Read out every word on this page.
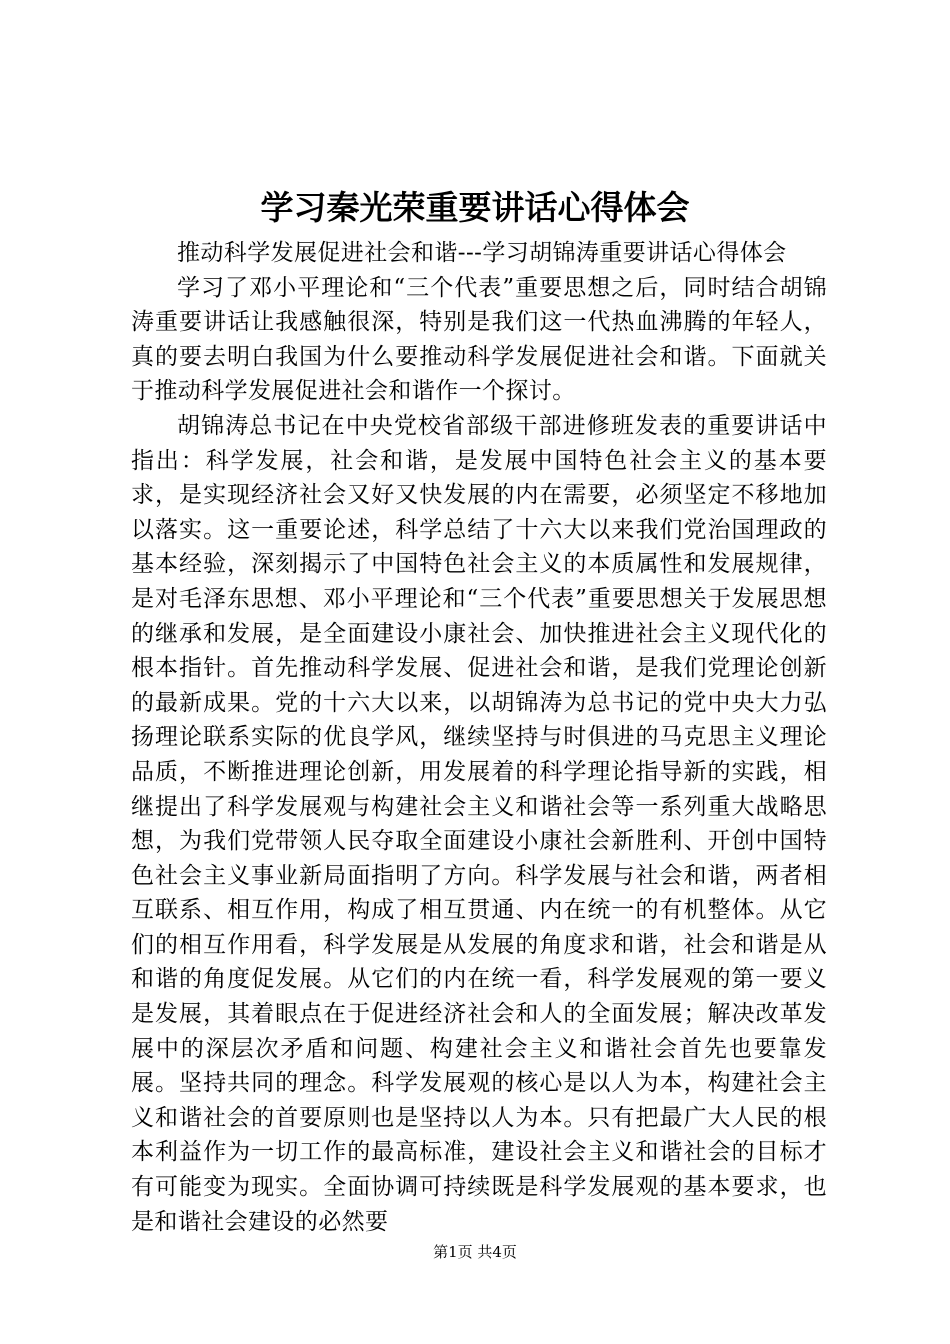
学习秦光荣重要讲话心得体会

推动科学发展促进社会和谐---学习胡锦涛重要讲话心得体会

学习了邓小平理论和“三个代表”重要思想之后，同时结合胡锦涛重要讲话让我感触很深，特别是我们这一代热血沸腾的年轻人，真的要去明白我国为什么要推动科学发展促进社会和谐。下面就关于推动科学发展促进社会和谐作一个探讨。

胡锦涛总书记在中央党校省部级干部进修班发表的重要讲话中指出：科学发展，社会和谐，是发展中国特色社会主义的基本要求，是实现经济社会又好又快发展的内在需要，必须坚定不移地加以落实。这一重要论述，科学总结了十六大以来我们党治国理政的基本经验，深刻揭示了中国特色社会主义的本质属性和发展规律，是对毛泽东思想、邓小平理论和“三个代表”重要思想关于发展思想的继承和发展，是全面建设小康社会、加快推进社会主义现代化的根本指针。首先推动科学发展、促进社会和谐，是我们党理论创新的最新成果。党的十六大以来，以胡锦涛为总书记的党中央大力弘扬理论联系实际的优良学风，继续坚持与时俱进的马克思主义理论品质，不断推进理论创新，用发展着的科学理论指导新的实践，相继提出了科学发展观与构建社会主义和谐社会等一系列重大战略思想，为我们党带领人民夺取全面建设小康社会新胜利、开创中国特色社会主义事业新局面指明了方向。科学发展与社会和谐，两者相互联系、相互作用，构成了相互贯通、内在统一的有机整体。从它们的相互作用看，科学发展是从发展的角度求和谐，社会和谐是从和谐的角度促发展。从它们的内在统一看，科学发展观的第一要义是发展，其着眼点在于促进经济社会和人的全面发展；解决改革发展中的深层次矛盾和问题、构建社会主义和谐社会首先也要靠发展。坚持共同的理念。科学发展观的核心是以人为本，构建社会主义和谐社会的首要原则也是坚持以人为本。只有把最广大人民的根本利益作为一切工作的最高标准，建设社会主义和谐社会的目标才有可能变为现实。全面协调可持续既是科学发展观的基本要求，也是和谐社会建设的必然要

第1页 共4页
